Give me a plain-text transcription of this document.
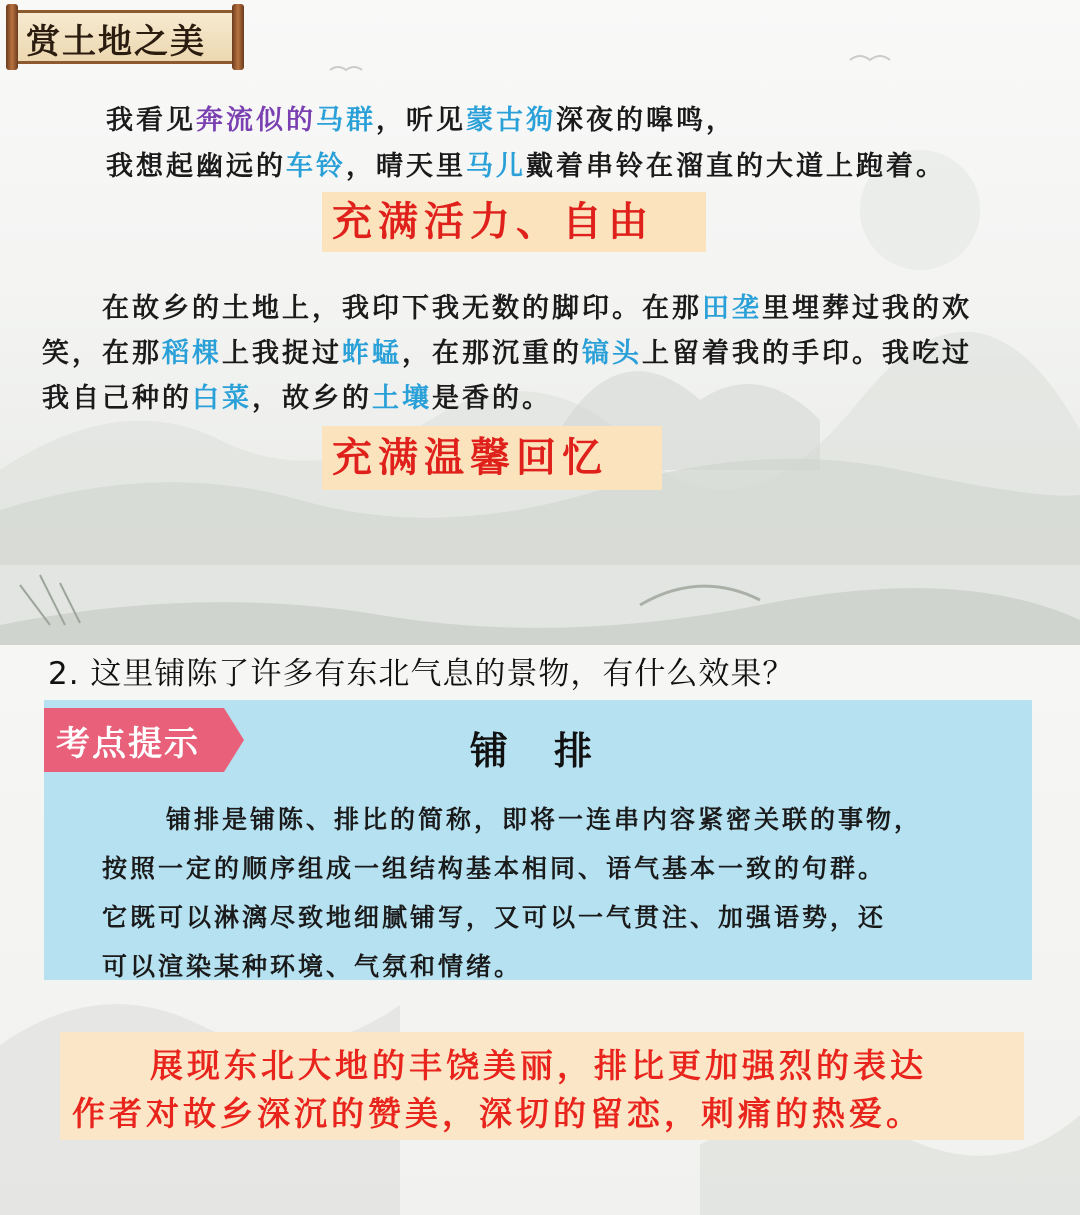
赏土地之美
我看见奔流似的马群，听见蒙古狗深夜的嗥鸣，
我想起幽远的车铃，晴天里马儿戴着串铃在溜直的大道上跑着。
充满活力、自由
在故乡的土地上，我印下我无数的脚印。在那田垄里埋葬过我的欢
笑，在那稻棵上我捉过蚱蜢，在那沉重的镐头上留着我的手印。我吃过
我自己种的白菜，故乡的土壤是香的。
充满温馨回忆
2. 这里铺陈了许多有东北气息的景物，有什么效果？
考点提示	铺　排
铺排是铺陈、排比的简称，即将一连串内容紧密关联的事物，
按照一定的顺序组成一组结构基本相同、语气基本一致的句群。
它既可以淋漓尽致地细腻铺写，又可以一气贯注、加强语势，还
可以渲染某种环境、气氛和情绪。
展现东北大地的丰饶美丽，排比更加强烈的表达
作者对故乡深沉的赞美，深切的留恋，刺痛的热爱。
